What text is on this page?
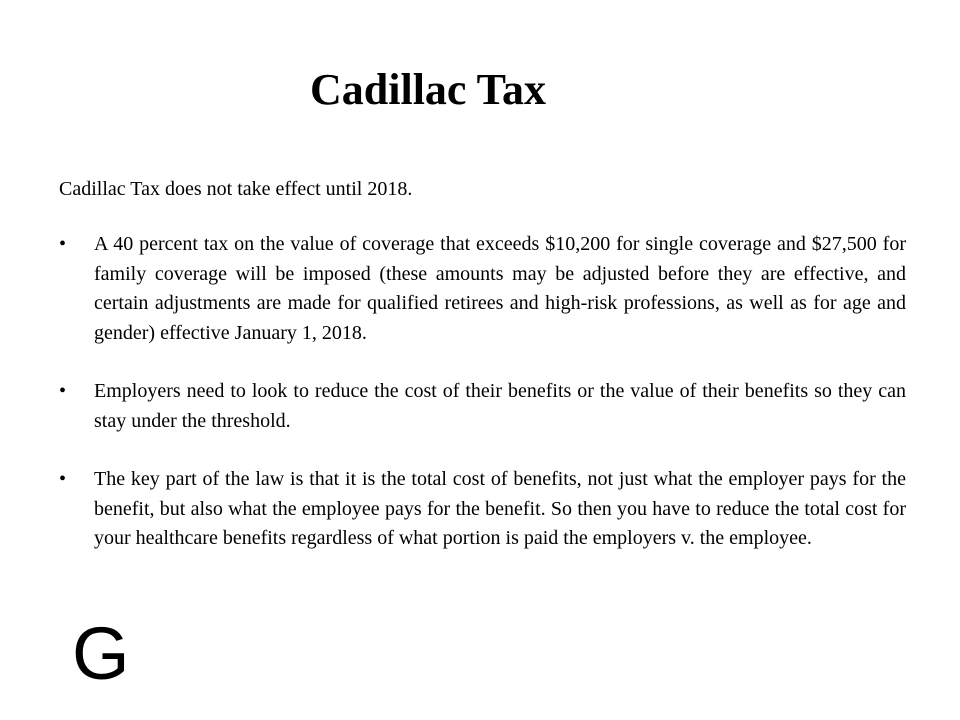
Cadillac Tax

Cadillac Tax does not take effect until 2018.

•	A 40 percent tax on the value of coverage that exceeds $10,200 for single coverage and $27,500 for family coverage will be imposed (these amounts may be adjusted before they are effective, and certain adjustments are made for qualified retirees and high-risk professions, as well as for age and gender) effective January 1, 2018.
•	Employers need to look to reduce the cost of their benefits or the value of their benefits so they can stay under the threshold.
•	The key part of the law is that it is the total cost of benefits, not just what the employer pays for the benefit, but also what the employee pays for the benefit. So then you have to reduce the total cost for your healthcare benefits regardless of what portion is paid the employers v. the employee.
G
